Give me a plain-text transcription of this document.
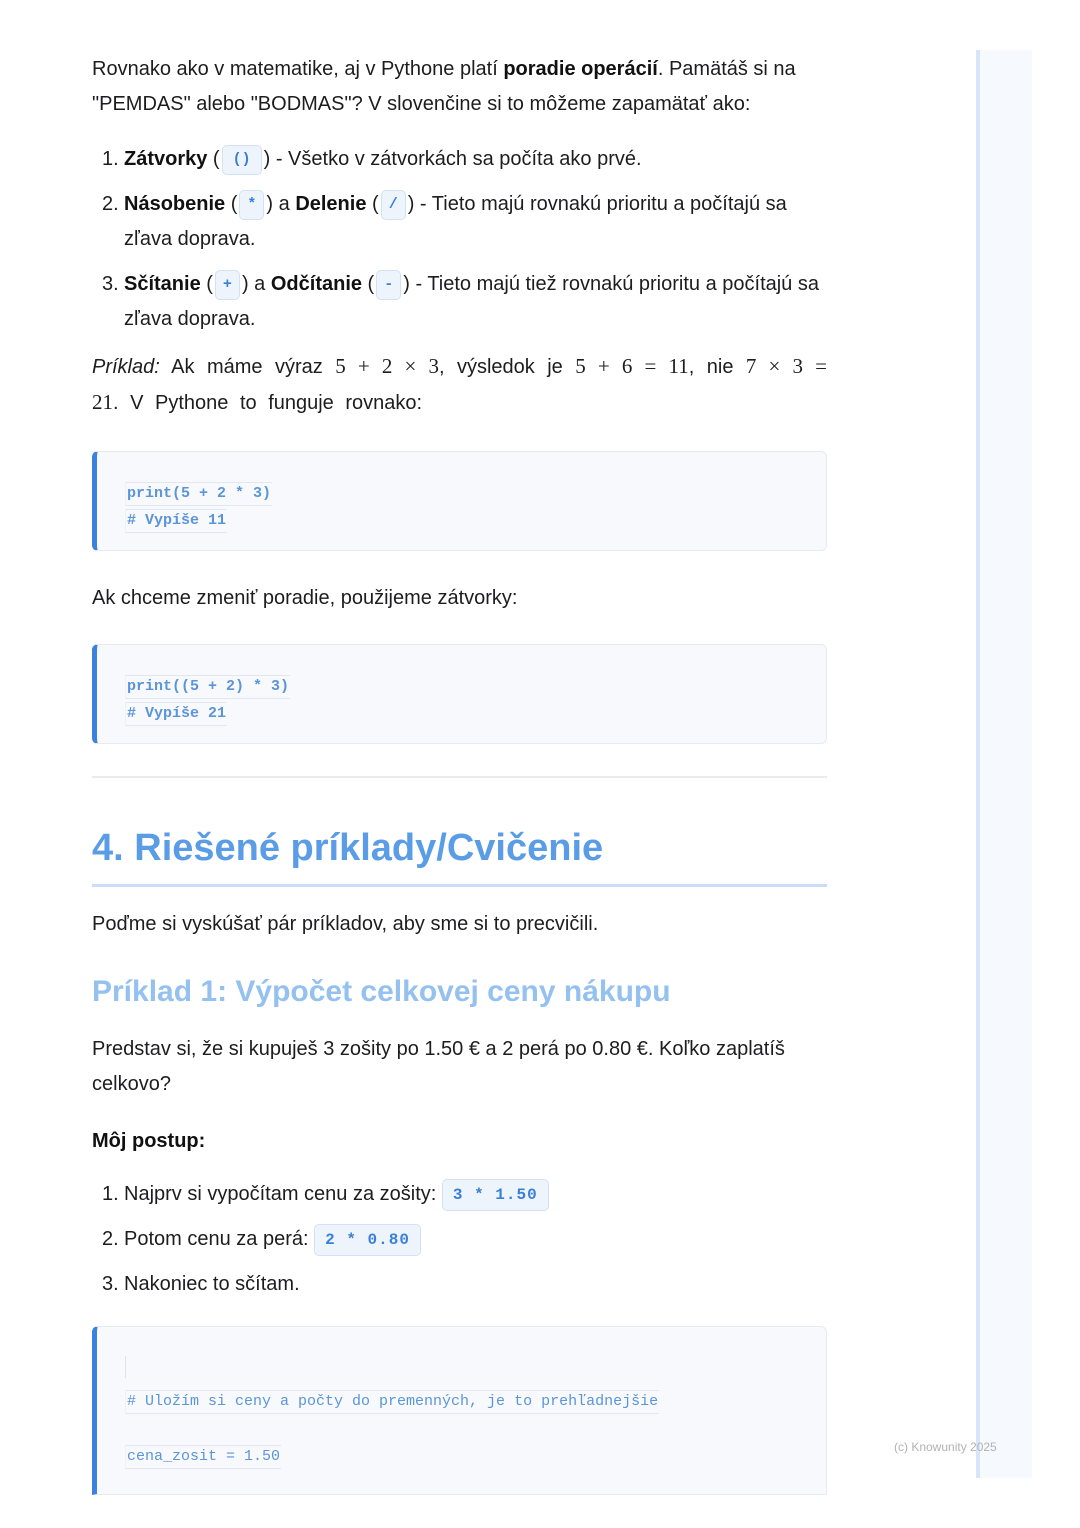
Rovnako ako v matematike, aj v Pythone platí poradie operácií. Pamätáš si na "PEMDAS" alebo "BODMAS"? V slovenčine si to môžeme zapamätať ako:

1. Zátvorky ( () ) - Všetko v zátvorkách sa počíta ako prvé.
2. Násobenie ( * ) a Delenie ( / ) - Tieto majú rovnakú prioritu a počítajú sa zľava doprava.
3. Sčítanie ( + ) a Odčítanie ( - ) - Tieto majú tiež rovnakú prioritu a počítajú sa zľava doprava.

Príklad: Ak máme výraz 5 + 2 × 3, výsledok je 5 + 6 = 11, nie 7 × 3 = 21. V Pythone to funguje rovnako:

print(5 + 2 * 3)
# Vypíše 11

Ak chceme zmeniť poradie, použijeme zátvorky:

print((5 + 2) * 3)
# Vypíše 21
4. Riešené príklady/Cvičenie

Poďme si vyskúšať pár príkladov, aby sme si to precvičili.

Príklad 1: Výpočet celkovej ceny nákupu

Predstav si, že si kupuješ 3 zošity po 1.50 € a 2 perá po 0.80 €. Koľko zaplatíš celkovo?

Môj postup:

1. Najprv si vypočítam cenu za zošity: 3 * 1.50
2. Potom cenu za perá: 2 * 0.80
3. Nakoniec to sčítam.
# Uložím si ceny a počty do premenných, je to prehľadnejšie
cena_zosit = 1.50
(c) Knowunity 2025
